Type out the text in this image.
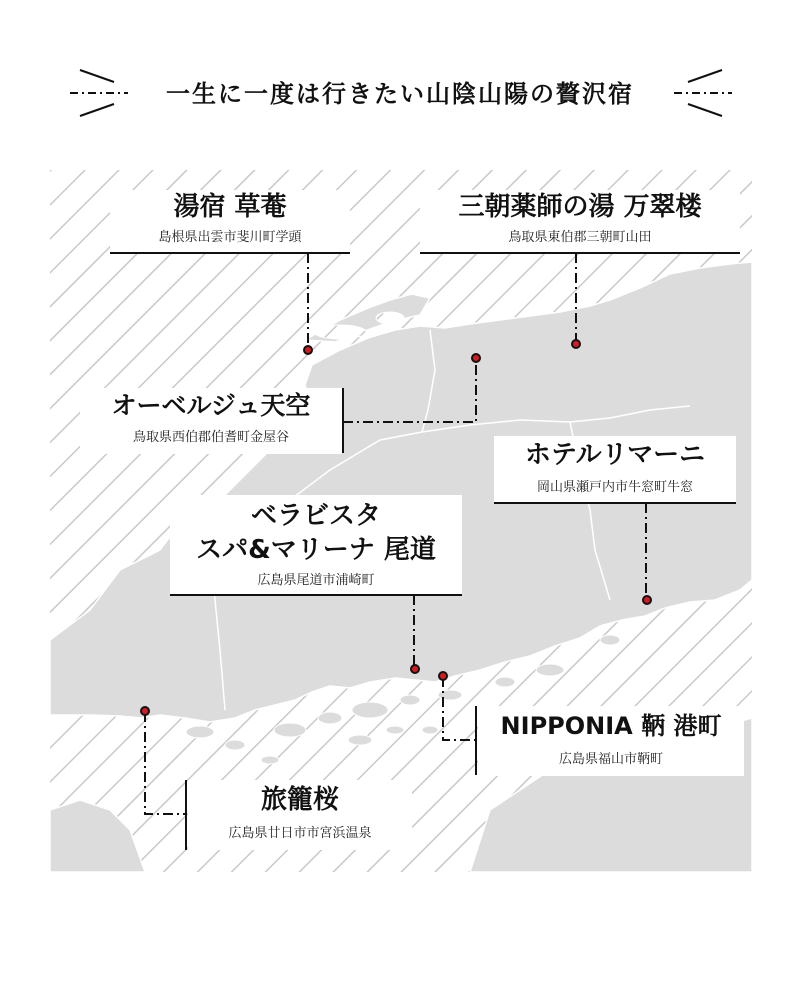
一生に一度は行きたい山陰山陽の贅沢宿
湯宿 草菴
島根県出雲市斐川町学頭
三朝薬師の湯 万翠楼
鳥取県東伯郡三朝町山田
オーベルジュ天空
鳥取県西伯郡伯耆町金屋谷
ホテルリマーニ
岡山県瀬戸内市牛窓町牛窓
ベラビスタ
スパ&マリーナ 尾道
広島県尾道市浦崎町
NIPPONIA 鞆 港町
広島県福山市鞆町
旅籠桜
広島県廿日市市宮浜温泉
